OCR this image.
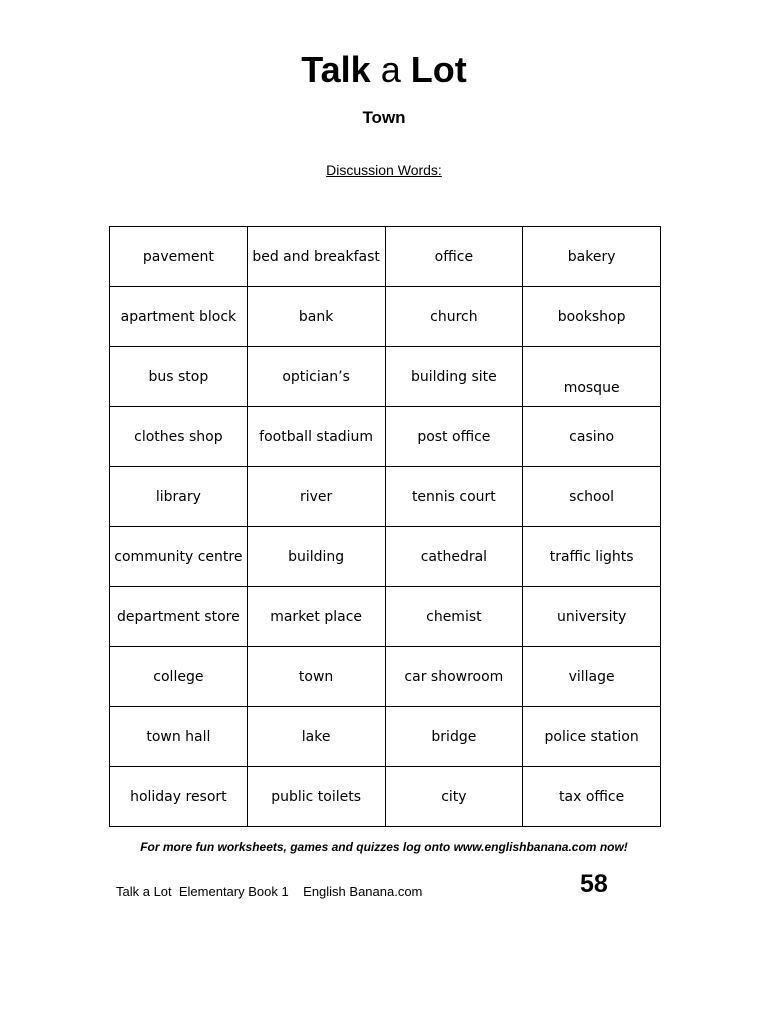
Talk a Lot
Town
Discussion Words:
pavement	bed and breakfast	office	bakery
apartment block	bank	church	bookshop
bus stop	optician’s	building site	mosque
clothes shop	football stadium	post office	casino
library	river	tennis court	school
community centre	building	cathedral	traffic lights
department store	market place	chemist	university
college	town	car showroom	village
town hall	lake	bridge	police station
holiday resort	public toilets	city	tax office
For more fun worksheets, games and quizzes log onto www.englishbanana.com now!
Talk a Lot  Elementary Book 1    English Banana.com	58
